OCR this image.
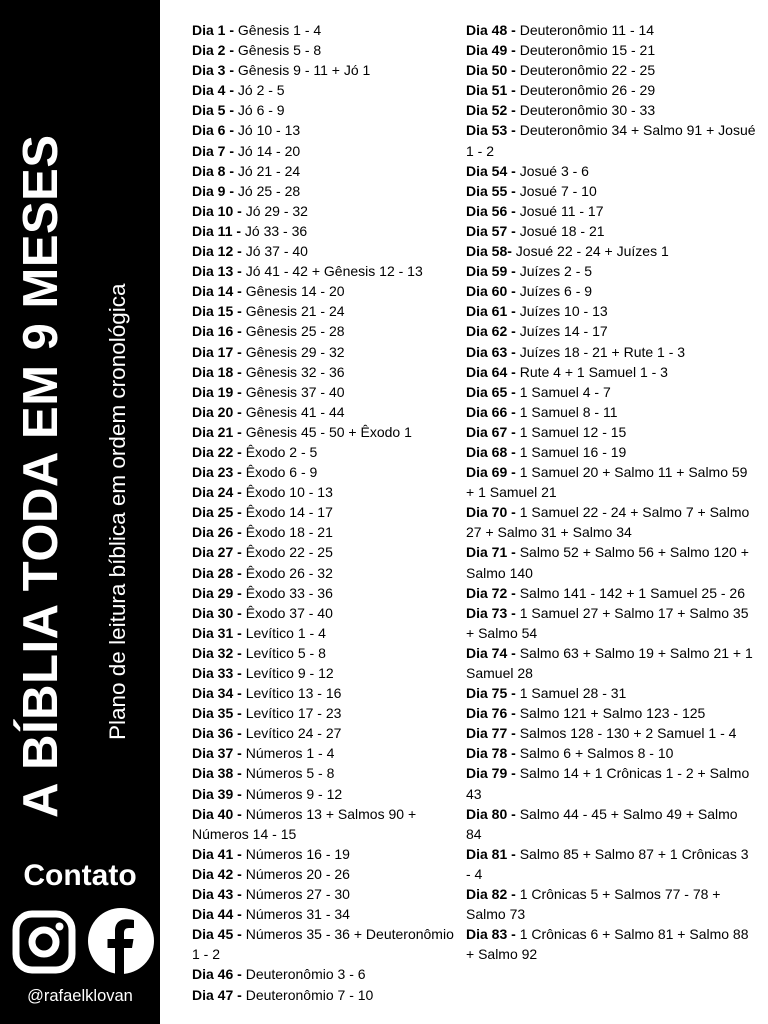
A BÍBLIA TODA EM 9 MESES	Plano de leitura bíblica em ordem cronológica
Contato
@rafaelklovan

Dia 1 - Gênesis 1 - 4

Dia 2 - Gênesis 5 - 8

Dia 3 - Gênesis 9 - 11 + Jó 1

Dia 4 - Jó 2 - 5

Dia 5 - Jó 6 - 9

Dia 6 - Jó 10 - 13

Dia 7 - Jó 14 - 20

Dia 8 - Jó 21 - 24

Dia 9 - Jó 25 - 28

Dia 10 - Jó 29 - 32

Dia 11 - Jó 33 - 36

Dia 12 - Jó 37 - 40

Dia 13 - Jó 41 - 42 + Gênesis 12 - 13

Dia 14 - Gênesis 14 - 20

Dia 15 - Gênesis 21 - 24

Dia 16 - Gênesis 25 - 28

Dia 17 - Gênesis 29 - 32

Dia 18 - Gênesis 32 - 36

Dia 19 - Gênesis 37 - 40

Dia 20 - Gênesis 41 - 44

Dia 21 - Gênesis 45 - 50 + Êxodo 1

Dia 22 - Êxodo 2 - 5

Dia 23 - Êxodo 6 - 9

Dia 24 - Êxodo 10 - 13

Dia 25 - Êxodo 14 - 17

Dia 26 - Êxodo 18 - 21

Dia 27 - Êxodo 22 - 25

Dia 28 - Êxodo 26 - 32

Dia 29 - Êxodo 33 - 36

Dia 30 - Êxodo 37 - 40

Dia 31 - Levítico 1 - 4

Dia 32 - Levítico 5 - 8

Dia 33 - Levítico 9 - 12

Dia 34 - Levítico 13 - 16

Dia 35 - Levítico 17 - 23

Dia 36 - Levítico 24 - 27

Dia 37 - Números 1 - 4

Dia 38 - Números 5 - 8

Dia 39 - Números 9 - 12

Dia 40 - Números 13 + Salmos 90 + Números 14 - 15

Dia 41 - Números 16 - 19

Dia 42 - Números 20 - 26

Dia 43 - Números 27 - 30

Dia 44 - Números 31 - 34

Dia 45 - Números 35 - 36 + Deuteronômio 1 - 2

Dia 46 - Deuteronômio 3 - 6

Dia 47 - Deuteronômio 7 - 10

Dia 48 - Deuteronômio 11 - 14

Dia 49 - Deuteronômio 15 - 21

Dia 50 - Deuteronômio 22 - 25

Dia 51 - Deuteronômio 26 - 29

Dia 52 - Deuteronômio 30 - 33

Dia 53 - Deuteronômio 34 + Salmo 91 + Josué 1 - 2

Dia 54 - Josué 3 - 6

Dia 55 - Josué 7 - 10

Dia 56 - Josué 11 - 17

Dia 57 - Josué 18 - 21

Dia 58- Josué 22 - 24 + Juízes 1

Dia 59 - Juízes 2 - 5

Dia 60 - Juízes 6 - 9

Dia 61 - Juízes 10 - 13

Dia 62 - Juízes 14 - 17

Dia 63 - Juízes 18 - 21 + Rute 1 - 3

Dia 64 - Rute 4 + 1 Samuel 1 - 3

Dia 65 - 1 Samuel 4 - 7

Dia 66 - 1 Samuel 8 - 11

Dia 67 - 1 Samuel 12 - 15

Dia 68 - 1 Samuel 16 - 19

Dia 69 - 1 Samuel 20 + Salmo 11 + Salmo 59 + 1 Samuel 21

Dia 70 - 1 Samuel 22 - 24 + Salmo 7 + Salmo 27 + Salmo 31 + Salmo 34

Dia 71 - Salmo 52 + Salmo 56 + Salmo 120 + Salmo 140

Dia 72 - Salmo 141 - 142 + 1 Samuel 25 - 26

Dia 73 - 1 Samuel 27 + Salmo 17 + Salmo 35 + Salmo 54

Dia 74 - Salmo 63 + Salmo 19 + Salmo 21 + 1 Samuel 28

Dia 75 - 1 Samuel 28 - 31

Dia 76 - Salmo 121 + Salmo 123 - 125

Dia 77 - Salmos 128 - 130 + 2 Samuel 1 - 4

Dia 78 - Salmo 6 + Salmos 8 - 10

Dia 79 - Salmo 14 + 1 Crônicas 1 - 2 + Salmo 43

Dia 80 - Salmo 44 - 45 + Salmo 49 + Salmo 84

Dia 81 - Salmo 85 + Salmo 87 + 1 Crônicas 3 - 4

Dia 82 - 1 Crônicas 5 + Salmos 77 - 78 + Salmo 73

Dia 83 - 1 Crônicas 6 + Salmo 81 + Salmo 88 + Salmo 92
